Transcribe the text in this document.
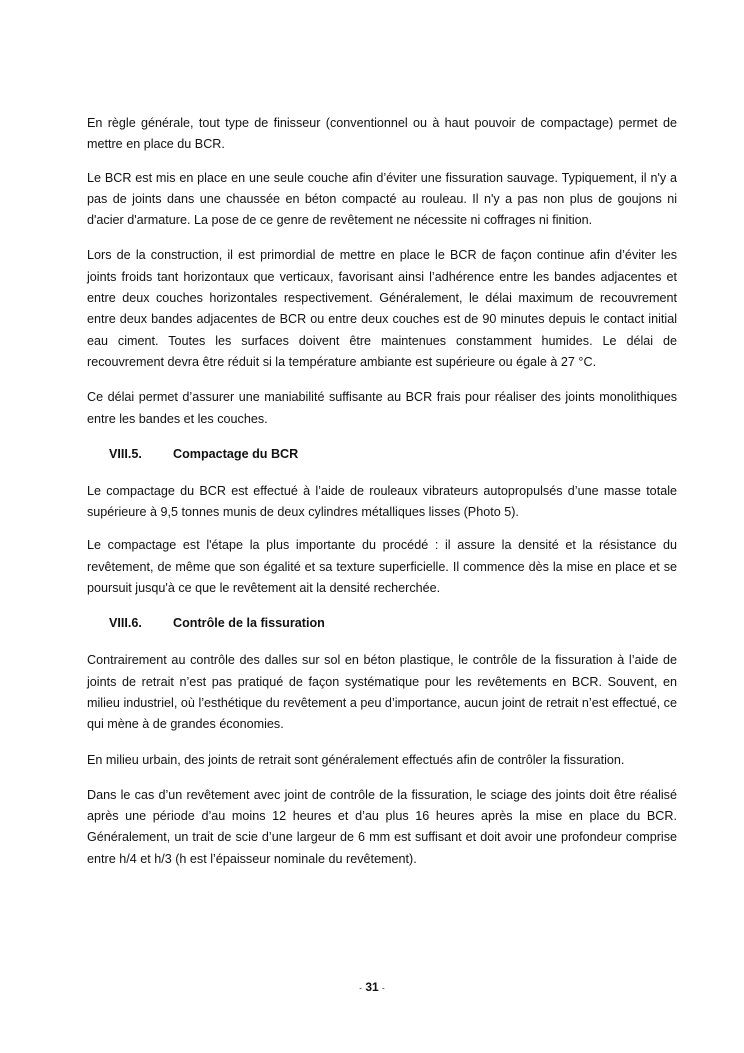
En règle générale, tout type de finisseur (conventionnel ou à haut pouvoir de compactage) permet de mettre en place du BCR.

Le BCR est mis en place en une seule couche afin d’éviter une fissuration sauvage. Typiquement, il n'y a pas de joints dans une chaussée en béton compacté au rouleau. Il n'y a pas non plus de goujons ni d'acier d'armature. La pose de ce genre de revêtement ne nécessite ni coffrages ni finition.

Lors de la construction, il est primordial de mettre en place le BCR de façon continue afin d’éviter les joints froids tant horizontaux que verticaux, favorisant ainsi l’adhérence entre les bandes adjacentes et entre deux couches horizontales respectivement. Généralement, le délai maximum de recouvrement entre deux bandes adjacentes de BCR ou entre deux couches est de 90 minutes depuis le contact initial eau ciment. Toutes les surfaces doivent être maintenues constamment humides. Le délai de recouvrement devra être réduit si la température ambiante est supérieure ou égale à 27 °C.

Ce délai permet d’assurer une maniabilité suffisante au BCR frais pour réaliser des joints monolithiques entre les bandes et les couches.

VIII.5.	Compactage du BCR

Le compactage du BCR est effectué à l’aide de rouleaux vibrateurs autopropulsés d’une masse totale supérieure à 9,5 tonnes munis de deux cylindres métalliques lisses (Photo 5).

Le compactage est l'étape la plus importante du procédé : il assure la densité et la résistance du revêtement, de même que son égalité et sa texture superficielle. Il commence dès la mise en place et se poursuit jusqu'à ce que le revêtement ait la densité recherchée.

VIII.6.	Contrôle de la fissuration

Contrairement au contrôle des dalles sur sol en béton plastique, le contrôle de la fissuration à l’aide de joints de retrait n’est pas pratiqué de façon systématique pour les revêtements en BCR. Souvent, en milieu industriel, où l’esthétique du revêtement a peu d’importance, aucun joint de retrait n’est effectué, ce qui mène à de grandes économies.

En milieu urbain, des joints de retrait sont généralement effectués afin de contrôler la fissuration.

Dans le cas d’un revêtement avec joint de contrôle de la fissuration, le sciage des joints doit être réalisé après une période d’au moins 12 heures et d’au plus 16 heures après la mise en place du BCR. Généralement, un trait de scie d’une largeur de 6 mm est suffisant et doit avoir une profondeur comprise entre h/4 et h/3 (h est l’épaisseur nominale du revêtement).

- 31 -
